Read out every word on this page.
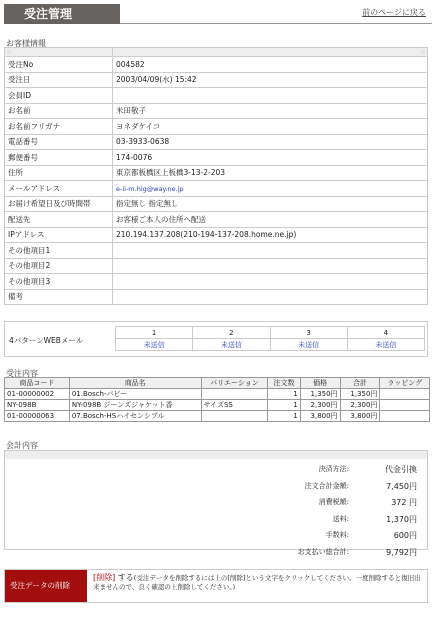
受注管理	前のページに戻る
お客様情報
::	::
受注No	004582
受注日	2003/04/09(水) 15:42
会員ID	
お名前	米田敬子
お名前フリガナ	ヨネダケイコ
電話番号	03-3933-0638
郵便番号	174-0076
住所	東京都板橋区上板橋3-13-2-203
メールアドレス	e-ii-m.hig@way.ne.jp
お届け希望日及び時間帯	指定無し 指定無し
配送先	お客様ご本人の住所へ配送
IPアドレス	210.194.137.208(210-194-137-208.home.ne.jp)
その他項目1	
その他項目2	
その他項目3	
備考	
4パターンWEBメール
1	2	3	4
未送信	未送信	未送信	未送信
受注内容
商品コード	商品名	バリエーション	注文数	価格	合計	ラッピング
01-00000002	01.Bosch-バビー		1	1,350円	1,350円	
NY-098B	NY-098B ジーンズジャケット香	サイズSS	1	2,300円	2,300円	
01-00000063	07.Bosch-HSハイセンシブル		1	3,800円	3,800円	
会計内容
決済方法:	代金引換
注文合計金額:	7,450円
消費税額:	372 円
送料:	1,370円
手数料:	600円
お支払い総合計:	9,792円
受注データの削除
[削除] する(受注データを削除するには上の[削除]という文字をクリックしてください。一度削除すると復旧出来ませんので、良く確認の上削除してください。)
